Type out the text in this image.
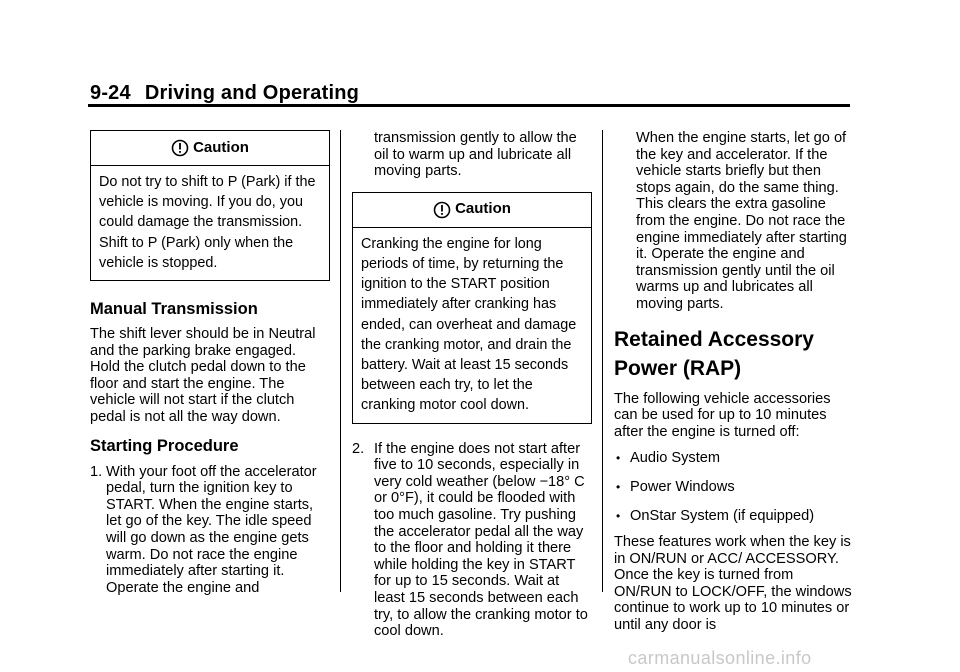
9-24 Driving and Operating
Caution
Do not try to shift to P (Park) if the vehicle is moving. If you do, you could damage the transmission. Shift to P (Park) only when the vehicle is stopped.
Manual Transmission

The shift lever should be in Neutral and the parking brake engaged. Hold the clutch pedal down to the floor and start the engine. The vehicle will not start if the clutch pedal is not all the way down.

Starting Procedure
1. With your foot off the accelerator pedal, turn the ignition key to START. When the engine starts, let go of the key. The idle speed will go down as the engine gets warm. Do not race the engine immediately after starting it. Operate the engine and

transmission gently to allow the oil to warm up and lubricate all moving parts.

Caution
Cranking the engine for long periods of time, by returning the ignition to the START position immediately after cranking has ended, can overheat and damage the cranking motor, and drain the battery. Wait at least 15 seconds between each try, to let the cranking motor cool down.
2. If the engine does not start after five to 10 seconds, especially in very cold weather (below −18° C or 0°F), it could be flooded with too much gasoline. Try pushing the accelerator pedal all the way to the floor and holding it there while holding the key in START for up to 15 seconds. Wait at least 15 seconds between each try, to allow the cranking motor to cool down.

When the engine starts, let go of the key and accelerator. If the vehicle starts briefly but then stops again, do the same thing. This clears the extra gasoline from the engine. Do not race the engine immediately after starting it. Operate the engine and transmission gently until the oil warms up and lubricates all moving parts.

Retained Accessory Power (RAP)

The following vehicle accessories can be used for up to 10 minutes after the engine is turned off:

• Audio System
• Power Windows
• OnStar System (if equipped)

These features work when the key is in ON/RUN or ACC/ ACCESSORY. Once the key is turned from ON/RUN to LOCK/OFF, the windows continue to work up to 10 minutes or until any door is

carmanualsonline.info
